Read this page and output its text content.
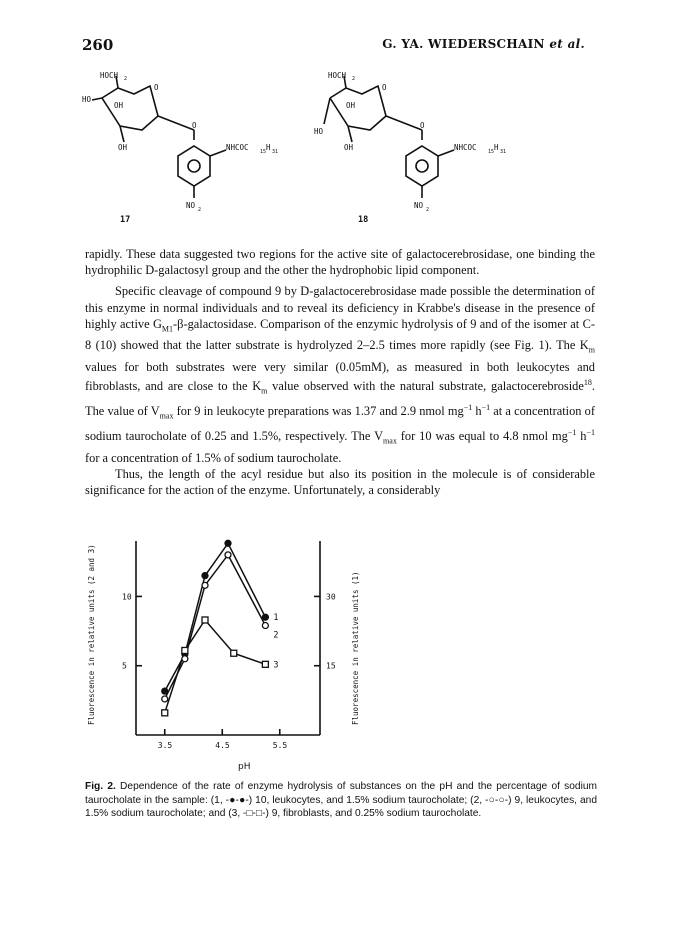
260	G. YA. WIEDERSCHAIN et al.
HOCH 2
HO
OH
O
OH
O
NHCOC 15 H 31
NO 2
17
HOCH 2
OH
O
HO
OH
O
NHCOC 15 H 31
NO 2
18

rapidly. These data suggested two regions for the active site of galactocerebrosidase, one binding the hydrophilic D-galactosyl group and the other the hydrophobic lipid component.

Specific cleavage of compound 9 by D-galactocerebrosidase made possible the determination of this enzyme in normal individuals and to reveal its deficiency in Krabbe's disease in the presence of highly active $G_{M1}-\beta$-galactosidase. Comparison of the enzymic hydrolysis of 9 and of the isomer at C-8 (10) showed that the latter substrate is hydrolyzed 2–2.5 times more rapidly (see Fig. 1). The $K_m$ values for both substrates were very similar (0.05mM), as measured in both leukocytes and fibroblasts, and are close to the $K_m$ value observed with the natural substrate, galactocerebroside$^{18}$. The value of $V_{max}$ for 9 in leukocyte preparations was 1.37 and 2.9 nmol $mg^{-1}$ $h^{-1}$ at a concentration of sodium taurocholate of 0.25 and 1.5%, respectively. The $V_{max}$ for 10 was equal to 4.8 nmol $mg^{-1}$ $h^{-1}$ for a concentration of 1.5% of sodium taurocholate.

Thus, the length of the acyl residue but also its position in the molecule is of considerable significance for the action of the enzyme. Unfortunately, a considerably

3.5	4.5	5.5
5
10
15
30
Fluorescence in relative units (2 and 3)	Fluorescence in relative units (1)
1
2
3
pH
Fig. 2. Dependence of the rate of enzyme hydrolysis of substances on the pH and the percentage of sodium taurocholate in the sample: (1, -●-●-) 10, leukocytes, and 1.5% sodium taurocholate; (2, -○-○-) 9, leukocytes, and 1.5% sodium taurocholate; and (3, -□-□-) 9, fibroblasts, and 0.25% sodium taurocholate.
